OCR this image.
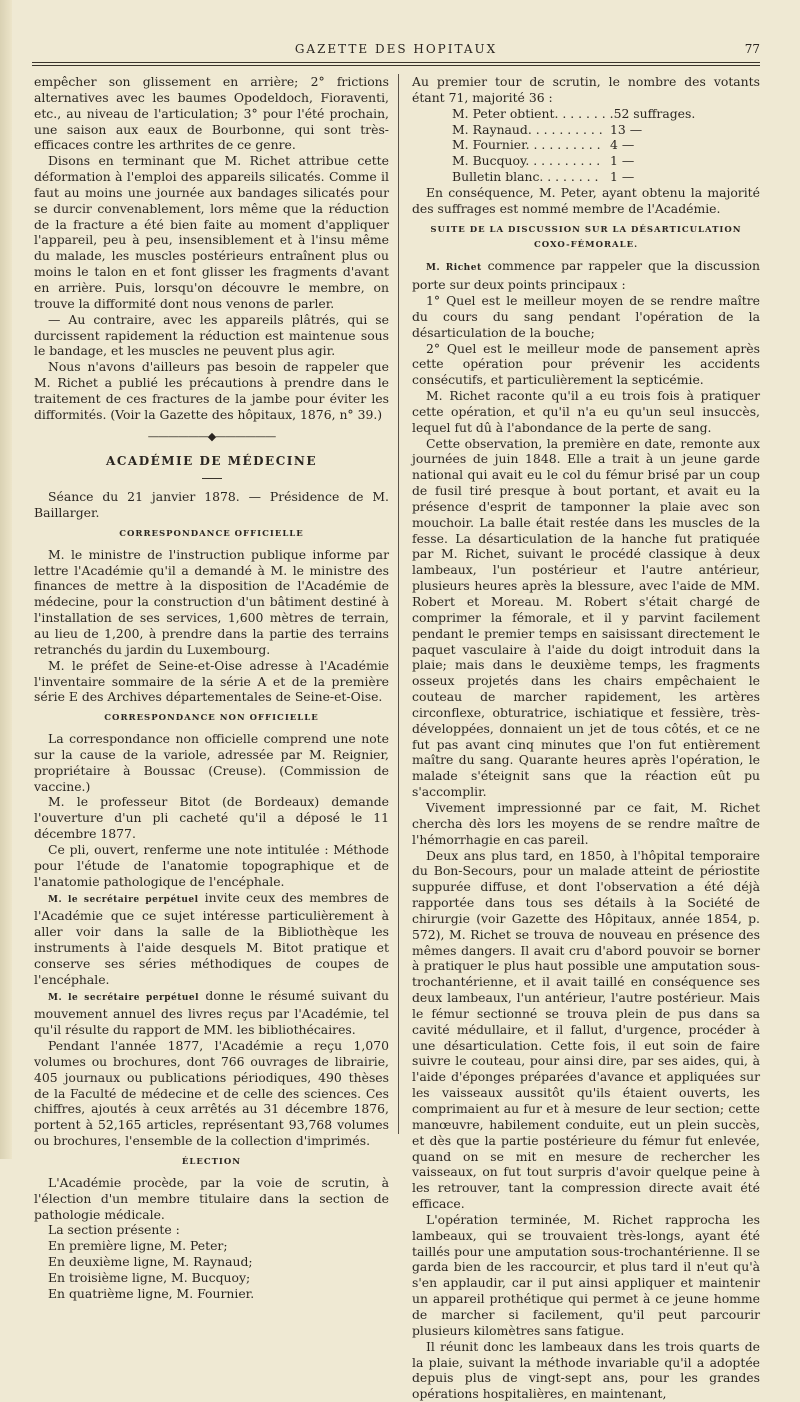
GAZETTE DES HOPITAUX	77

empêcher son glissement en arrière; 2° frictions alternatives avec les baumes Opodeldoch, Fioraventi, etc., au niveau de l'articulation; 3° pour l'été prochain, une saison aux eaux de Bourbonne, qui sont très-efficaces contre les arthrites de ce genre.

Disons en terminant que M. Richet attribue cette déformation à l'emploi des appareils silicatés. Comme il faut au moins une journée aux bandages silicatés pour se durcir convenablement, lors même que la réduction de la fracture a été bien faite au moment d'appliquer l'appareil, peu à peu, insensiblement et à l'insu même du malade, les muscles postérieurs entraînent plus ou moins le talon en et font glisser les fragments d'avant en arrière. Puis, lorsqu'on découvre le membre, on trouve la difformité dont nous venons de parler.

— Au contraire, avec les appareils plâtrés, qui se durcissent rapidement la réduction est maintenue sous le bandage, et les muscles ne peuvent plus agir.

Nous n'avons d'ailleurs pas besoin de rappeler que M. Richet a publié les précautions à prendre dans le traitement de ces fractures de la jambe pour éviter les difformités. (Voir la Gazette des hôpitaux, 1876, n° 39.)

——————◆——————
ACADÉMIE DE MÉDECINE

Séance du 21 janvier 1878. — Présidence de M. Baillarger.

CORRESPONDANCE OFFICIELLE

M. le ministre de l'instruction publique informe par lettre l'Académie qu'il a demandé à M. le ministre des finances de mettre à la disposition de l'Académie de médecine, pour la construction d'un bâtiment destiné à l'installation de ses services, 1,600 mètres de terrain, au lieu de 1,200, à prendre dans la partie des terrains retranchés du jardin du Luxembourg.

M. le préfet de Seine-et-Oise adresse à l'Académie l'inventaire sommaire de la série A et de la première série E des Archives départementales de Seine-et-Oise.

CORRESPONDANCE NON OFFICIELLE

La correspondance non officielle comprend une note sur la cause de la variole, adressée par M. Reignier, propriétaire à Boussac (Creuse). (Commission de vaccine.)

M. le professeur Bitot (de Bordeaux) demande l'ouverture d'un pli cacheté qu'il a déposé le 11 décembre 1877.

Ce pli, ouvert, renferme une note intitulée : Méthode pour l'étude de l'anatomie topographique et de l'anatomie pathologique de l'encéphale.

M. le secrétaire perpétuel invite ceux des membres de l'Académie que ce sujet intéresse particulièrement à aller voir dans la salle de la Bibliothèque les instruments à l'aide desquels M. Bitot pratique et conserve ses séries méthodiques de coupes de l'encéphale.

M. le secrétaire perpétuel donne le résumé suivant du mouvement annuel des livres reçus par l'Académie, tel qu'il résulte du rapport de MM. les bibliothécaires.

Pendant l'année 1877, l'Académie a reçu 1,070 volumes ou brochures, dont 766 ouvrages de librairie, 405 journaux ou publications périodiques, 490 thèses de la Faculté de médecine et de celle des sciences. Ces chiffres, ajoutés à ceux arrêtés au 31 décembre 1876, portent à 52,165 articles, représentant 93,768 volumes ou brochures, l'ensemble de la collection d'imprimés.

ÉLECTION

L'Académie procède, par la voie de scrutin, à l'élection d'un membre titulaire dans la section de pathologie médicale.

La section présente :
En première ligne, M. Peter;
En deuxième ligne, M. Raynaud;
En troisième ligne, M. Bucquoy;
En quatrième ligne, M. Fournier.

Au premier tour de scrutin, le nombre des votants étant 71, majorité 36 :

M. Peter obtient. . . . . . . . 52 suffrages.
M. Raynaud. . . . . . . . . . 13 —
M. Fournier. . . . . . . . . . 4 —
M. Bucquoy. . . . . . . . . . 1 —
Bulletin blanc. . . . . . . . 1 —

En conséquence, M. Peter, ayant obtenu la majorité des suffrages est nommé membre de l'Académie.

SUITE DE LA DISCUSSION SUR LA DÉSARTICULATION COXO-FÉMORALE.

M. Richet commence par rappeler que la discussion porte sur deux points principaux :

1° Quel est le meilleur moyen de se rendre maître du cours du sang pendant l'opération de la désarticulation de la bouche;

2° Quel est le meilleur mode de pansement après cette opération pour prévenir les accidents consécutifs, et particulièrement la septicémie.

M. Richet raconte qu'il a eu trois fois à pratiquer cette opération, et qu'il n'a eu qu'un seul insuccès, lequel fut dû à l'abondance de la perte de sang.

Cette observation, la première en date, remonte aux journées de juin 1848. Elle a trait à un jeune garde national qui avait eu le col du fémur brisé par un coup de fusil tiré presque à bout portant, et avait eu la présence d'esprit de tamponner la plaie avec son mouchoir. La balle était restée dans les muscles de la fesse. La désarticulation de la hanche fut pratiquée par M. Richet, suivant le procédé classique à deux lambeaux, l'un postérieur et l'autre antérieur, plusieurs heures après la blessure, avec l'aide de MM. Robert et Moreau. M. Robert s'était chargé de comprimer la fémorale, et il y parvint facilement pendant le premier temps en saisissant directement le paquet vasculaire à l'aide du doigt introduit dans la plaie; mais dans le deuxième temps, les fragments osseux projetés dans les chairs empêchaient le couteau de marcher rapidement, les artères circonflexe, obturatrice, ischiatique et fessière, très-développées, donnaient un jet de tous côtés, et ce ne fut pas avant cinq minutes que l'on fut entièrement maître du sang. Quarante heures après l'opération, le malade s'éteignit sans que la réaction eût pu s'accomplir.

Vivement impressionné par ce fait, M. Richet chercha dès lors les moyens de se rendre maître de l'hémorrhagie en cas pareil.

Deux ans plus tard, en 1850, à l'hôpital temporaire du Bon-Secours, pour un malade atteint de périostite suppurée diffuse, et dont l'observation a été déjà rapportée dans tous ses détails à la Société de chirurgie (voir Gazette des Hôpitaux, année 1854, p. 572), M. Richet se trouva de nouveau en présence des mêmes dangers. Il avait cru d'abord pouvoir se borner à pratiquer le plus haut possible une amputation sous-trochantérienne, et il avait taillé en conséquence ses deux lambeaux, l'un antérieur, l'autre postérieur. Mais le fémur sectionné se trouva plein de pus dans sa cavité médullaire, et il fallut, d'urgence, procéder à une désarticulation. Cette fois, il eut soin de faire suivre le couteau, pour ainsi dire, par ses aides, qui, à l'aide d'éponges préparées d'avance et appliquées sur les vaisseaux aussitôt qu'ils étaient ouverts, les comprimaient au fur et à mesure de leur section; cette manœuvre, habilement conduite, eut un plein succès, et dès que la partie postérieure du fémur fut enlevée, quand on se mit en mesure de rechercher les vaisseaux, on fut tout surpris d'avoir quelque peine à les retrouver, tant la compression directe avait été efficace.

L'opération terminée, M. Richet rapprocha les lambeaux, qui se trouvaient très-longs, ayant été taillés pour une amputation sous-trochantérienne. Il se garda bien de les raccourcir, et plus tard il n'eut qu'à s'en applaudir, car il put ainsi appliquer et maintenir un appareil prothétique qui permet à ce jeune homme de marcher si facilement, qu'il peut parcourir plusieurs kilomètres sans fatigue.

Il réunit donc les lambeaux dans les trois quarts de la plaie, suivant la méthode invariable qu'il a adoptée depuis plus de vingt-sept ans, pour les grandes opérations hospitalières, en maintenant,
